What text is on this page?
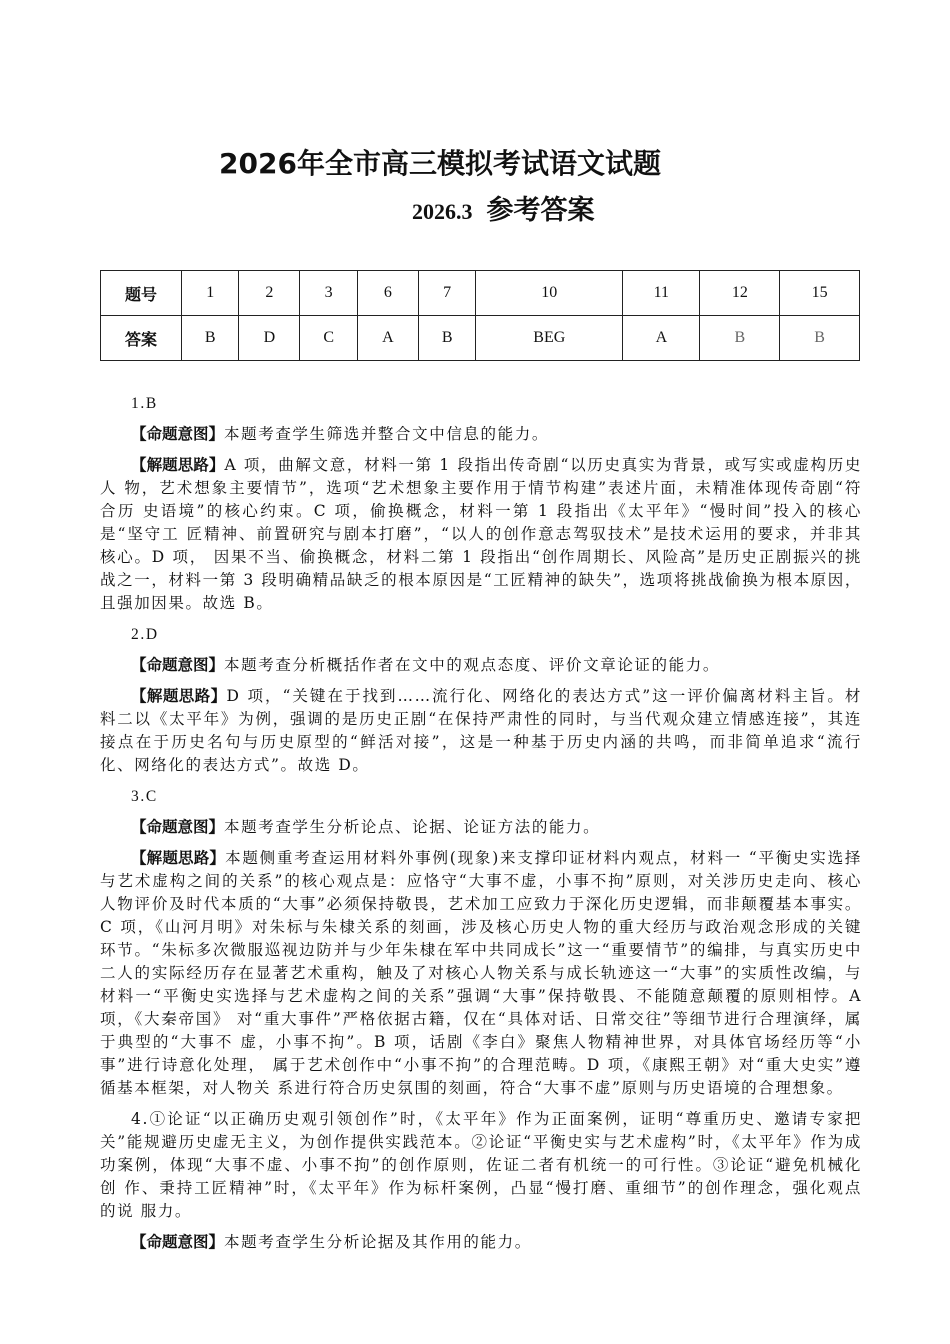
2026年全市高三模拟考试语文试题
2026.3 参考答案
题号	1	2	3	6	7	10	11	12	15
答案	B	D	C	A	B	BEG	A	B	B

1.B

【命题意图】本题考查学生筛选并整合文中信息的能力。

【解题思路】A 项，曲解文意，材料一第 1 段指出传奇剧“以历史真实为背景，或写实或虚构历史人 物，艺术想象主要情节”，选项“艺术想象主要作用于情节构建”表述片面，未精准体现传奇剧“符合历 史语境”的核心约束。C 项，偷换概念，材料一第 1 段指出《太平年》“慢时间”投入的核心是“坚守工 匠精神、前置研究与剧本打磨”，“以人的创作意志驾驭技术”是技术运用的要求，并非其核心。D 项， 因果不当、偷换概念，材料二第 1 段指出“创作周期长、风险高”是历史正剧振兴的挑战之一，材料一第 3 段明确精品缺乏的根本原因是“工匠精神的缺失”，选项将挑战偷换为根本原因，且强加因果。故选 B。

2.D

【命题意图】本题考查分析概括作者在文中的观点态度、评价文章论证的能力。

【解题思路】D 项，“关键在于找到……流行化、网络化的表达方式”这一评价偏离材料主旨。材料二以《太平年》为例，强调的是历史正剧“在保持严肃性的同时，与当代观众建立情感连接”，其连接点在于历史名句与历史原型的“鲜活对接”，这是一种基于历史内涵的共鸣，而非简单追求“流行化、网络化的表达方式”。故选 D。

3.C

【命题意图】本题考查学生分析论点、论据、论证方法的能力。

【解题思路】本题侧重考查运用材料外事例(现象)来支撑印证材料内观点，材料一 “平衡史实选择与艺术虚构之间的关系”的核心观点是：应恪守“大事不虚，小事不拘”原则，对关涉历史走向、核心人物评价及时代本质的“大事”必须保持敬畏，艺术加工应致力于深化历史逻辑，而非颠覆基本事实。C 项，《山河月明》对朱标与朱棣关系的刻画，涉及核心历史人物的重大经历与政治观念形成的关键环节。“朱标多次微服巡视边防并与少年朱棣在军中共同成长”这一“重要情节”的编排，与真实历史中二人的实际经历存在显著艺术重构，触及了对核心人物关系与成长轨迹这一“大事”的实质性改编，与材料一“平衡史实选择与艺术虚构之间的关系”强调“大事”保持敬畏、不能随意颠覆的原则相悖。A 项，《大秦帝国》 对“重大事件”严格依据古籍，仅在“具体对话、日常交往”等细节进行合理演绎，属于典型的“大事不 虚，小事不拘”。B 项，话剧《李白》聚焦人物精神世界，对具体官场经历等“小事”进行诗意化处理， 属于艺术创作中“小事不拘”的合理范畴。D 项，《康熙王朝》对“重大史实”遵循基本框架，对人物关 系进行符合历史氛围的刻画，符合“大事不虚”原则与历史语境的合理想象。

4.①论证“以正确历史观引领创作”时，《太平年》作为正面案例，证明“尊重历史、邀请专家把 关”能规避历史虚无主义，为创作提供实践范本。②论证“平衡史实与艺术虚构”时，《太平年》作为成 功案例，体现“大事不虚、小事不拘”的创作原则，佐证二者有机统一的可行性。③论证“避免机械化创 作、秉持工匠精神”时，《太平年》作为标杆案例，凸显“慢打磨、重细节”的创作理念，强化观点的说 服力。

【命题意图】本题考查学生分析论据及其作用的能力。
